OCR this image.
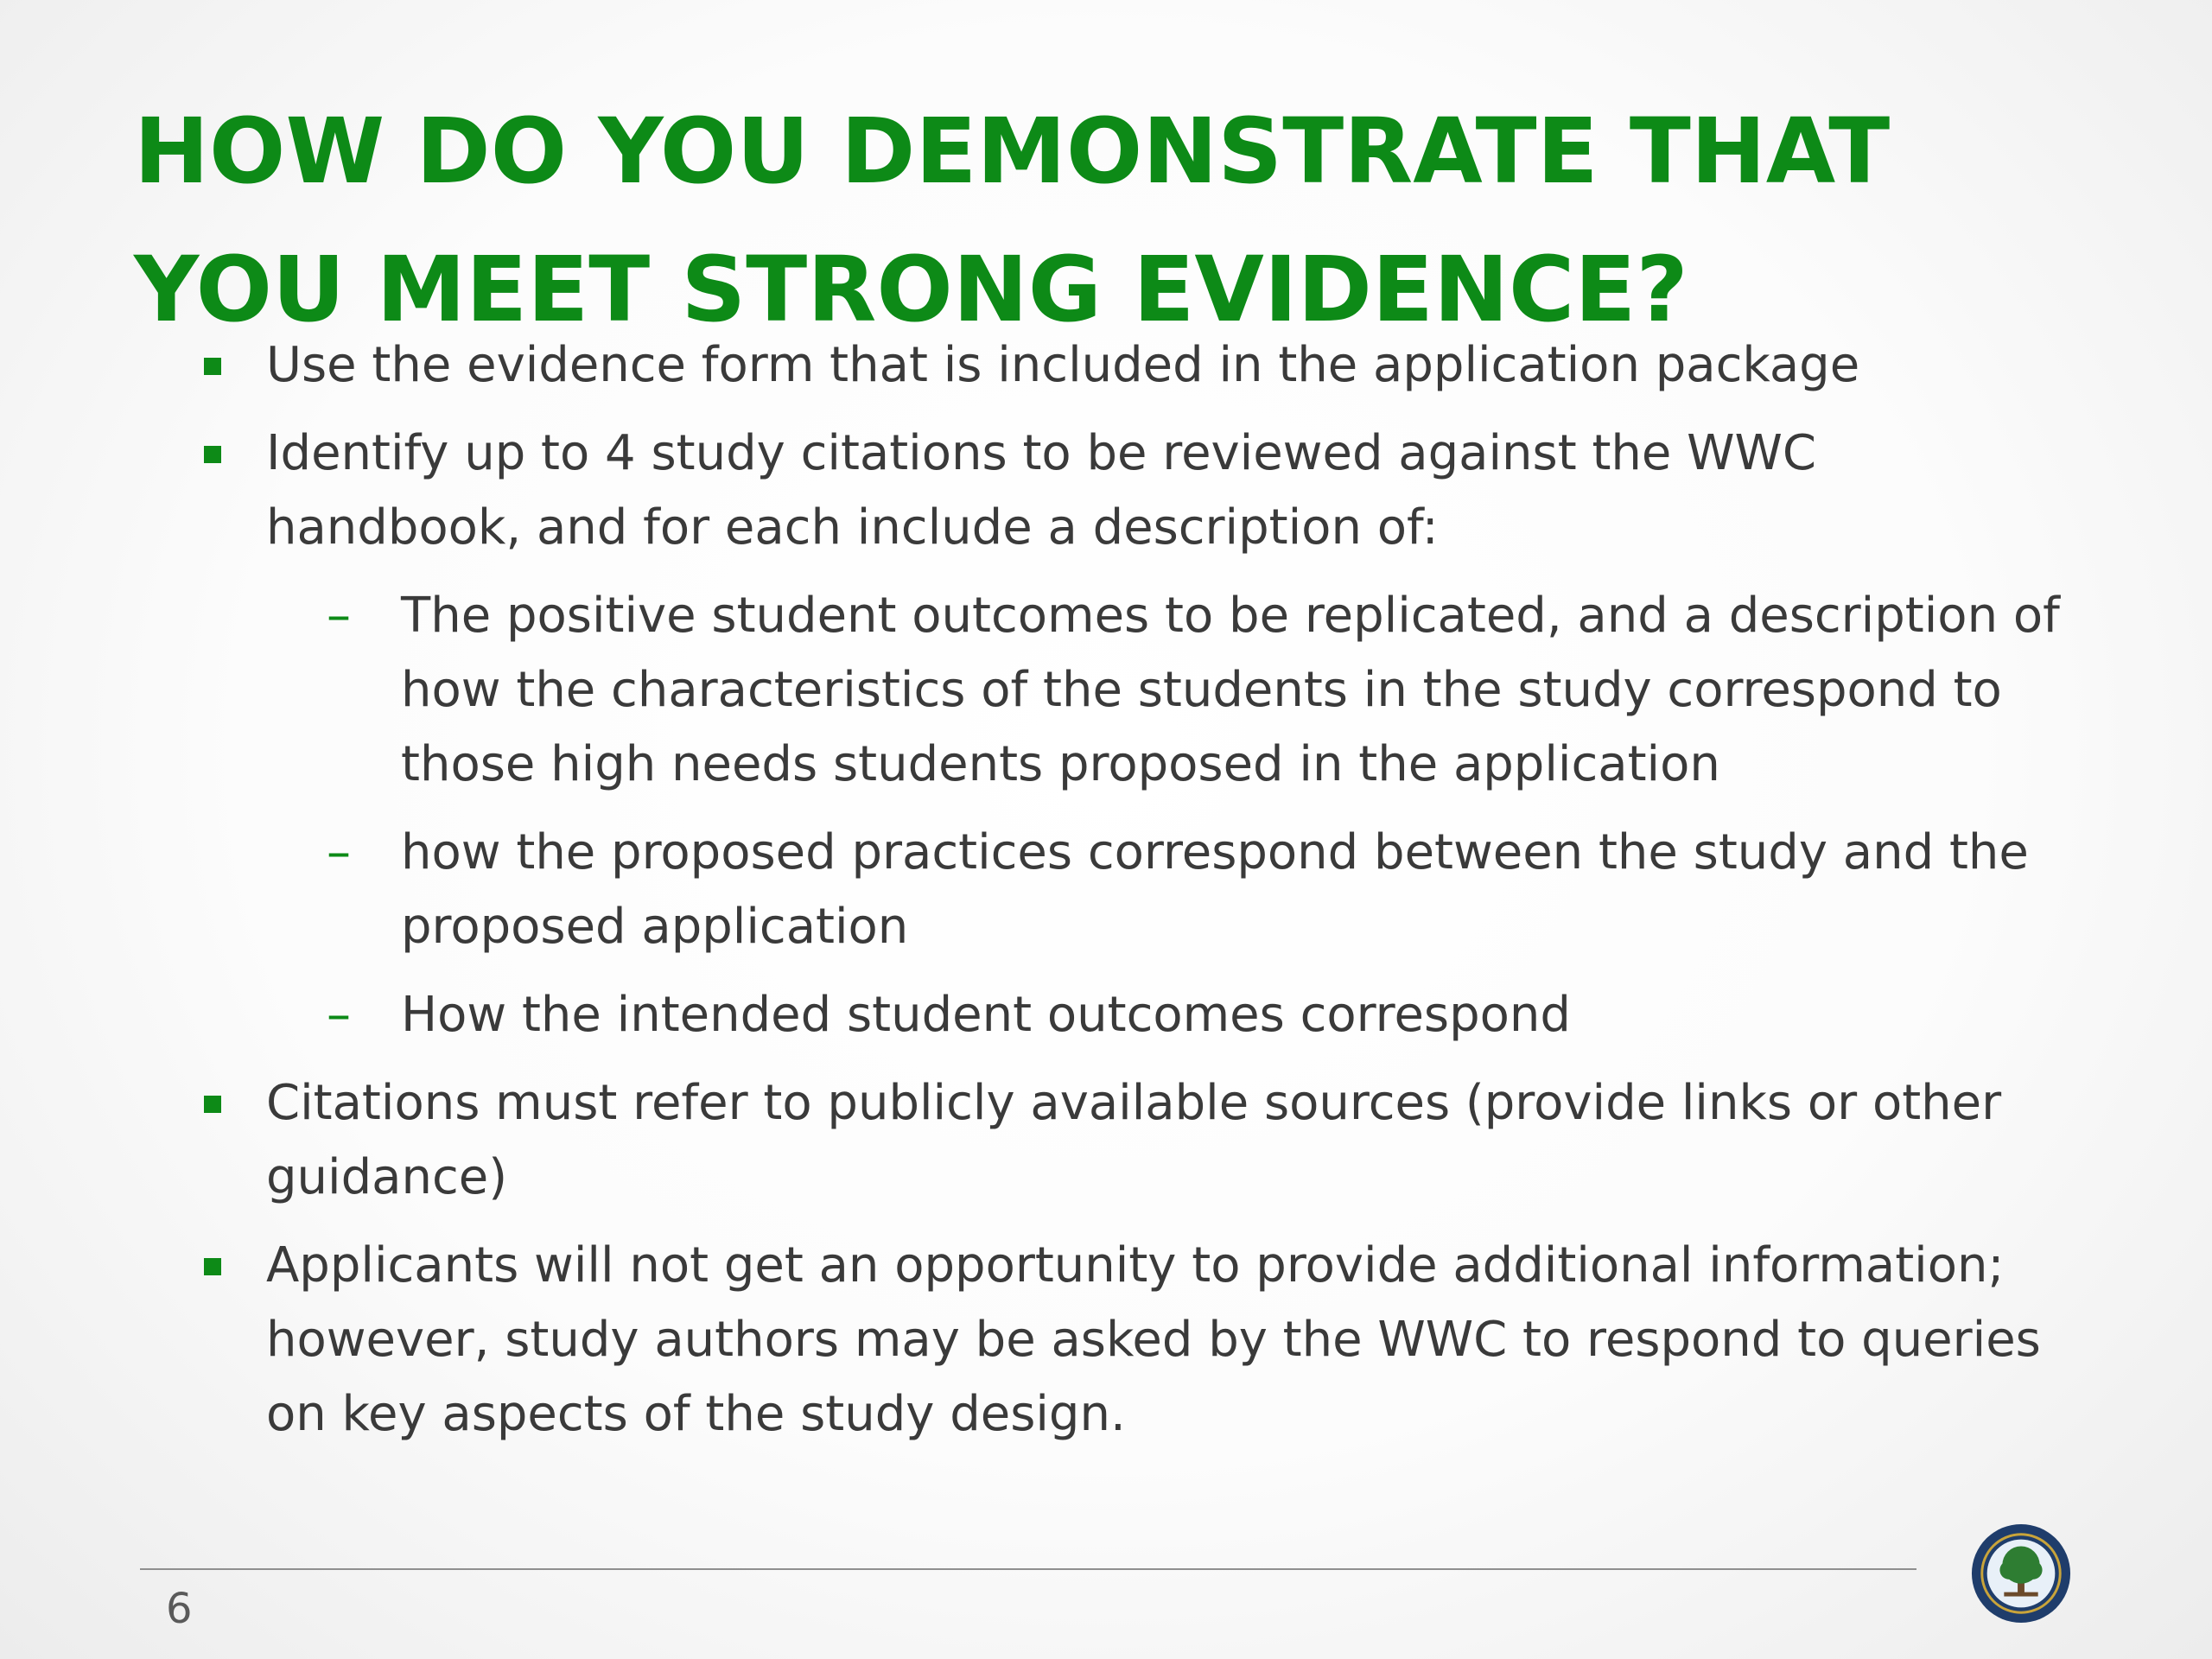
HOW DO YOU DEMONSTRATE THAT YOU MEET STRONG EVIDENCE?
Use the evidence form that is included in the application package
Identify up to 4 study citations to be reviewed against the WWC handbook, and for each include a description of:
– The positive student outcomes to be replicated, and a description of how the characteristics of the students in the study correspond to those high needs students proposed in the application
– how the proposed practices correspond between the study and the proposed application
– How the intended student outcomes correspond
Citations must refer to publicly available sources (provide links or other guidance)
Applicants will not get an opportunity to provide additional information; however, study authors may be asked by the WWC to respond to queries on key aspects of the study design.
6
